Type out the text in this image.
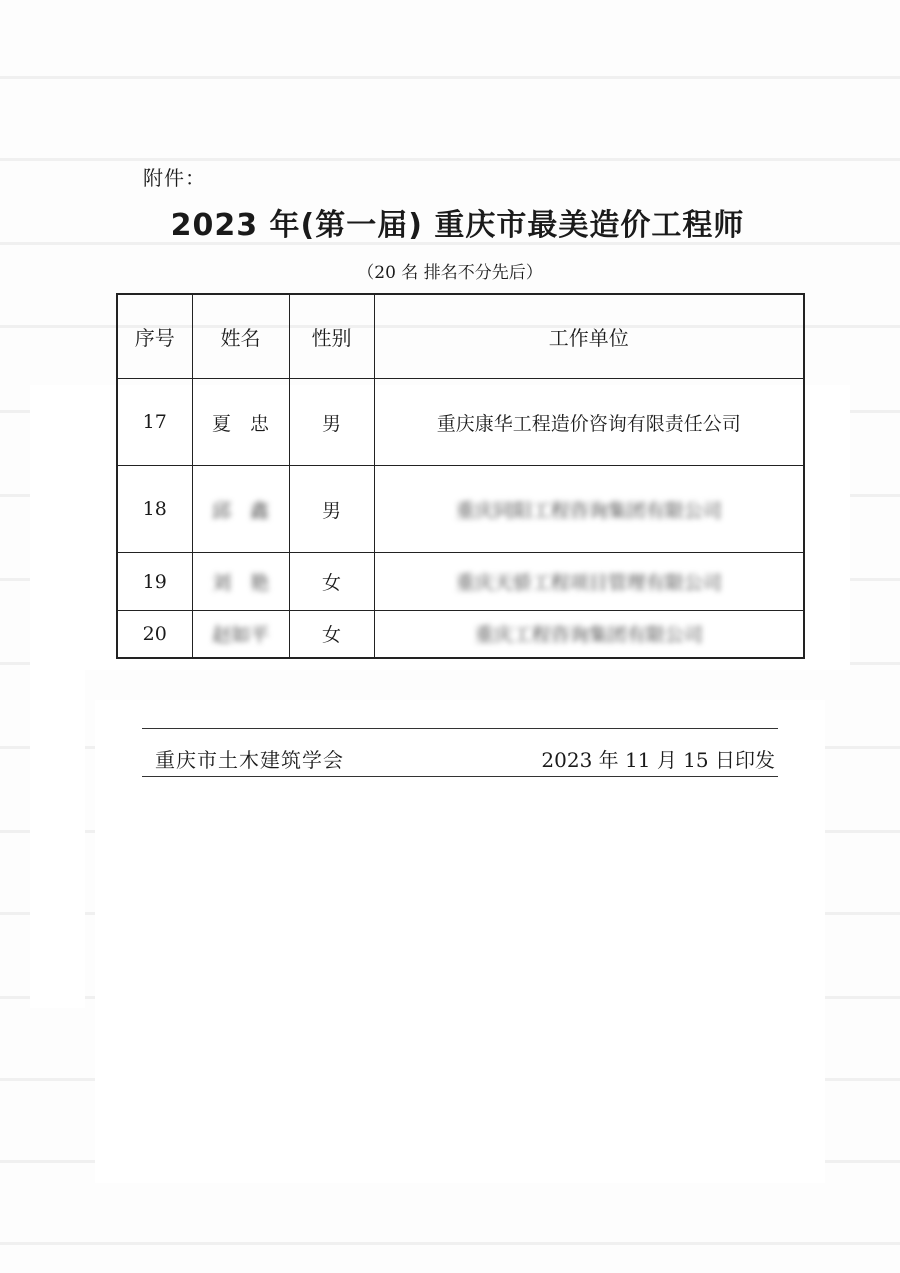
附件：
2023 年(第一届) 重庆市最美造价工程师
（20 名 排名不分先后）
序号	姓名	性别	工作单位
17	夏　忠	男	重庆康华工程造价咨询有限责任公司
18	邱　鑫	男	重庆同阳工程咨询集团有限公司
19	刘　艳	女	重庆天骄工程项目管理有限公司
20	赵如平	女	重庆工程咨询集团有限公司
重庆市土木建筑学会	2023 年 11 月 15 日印发
